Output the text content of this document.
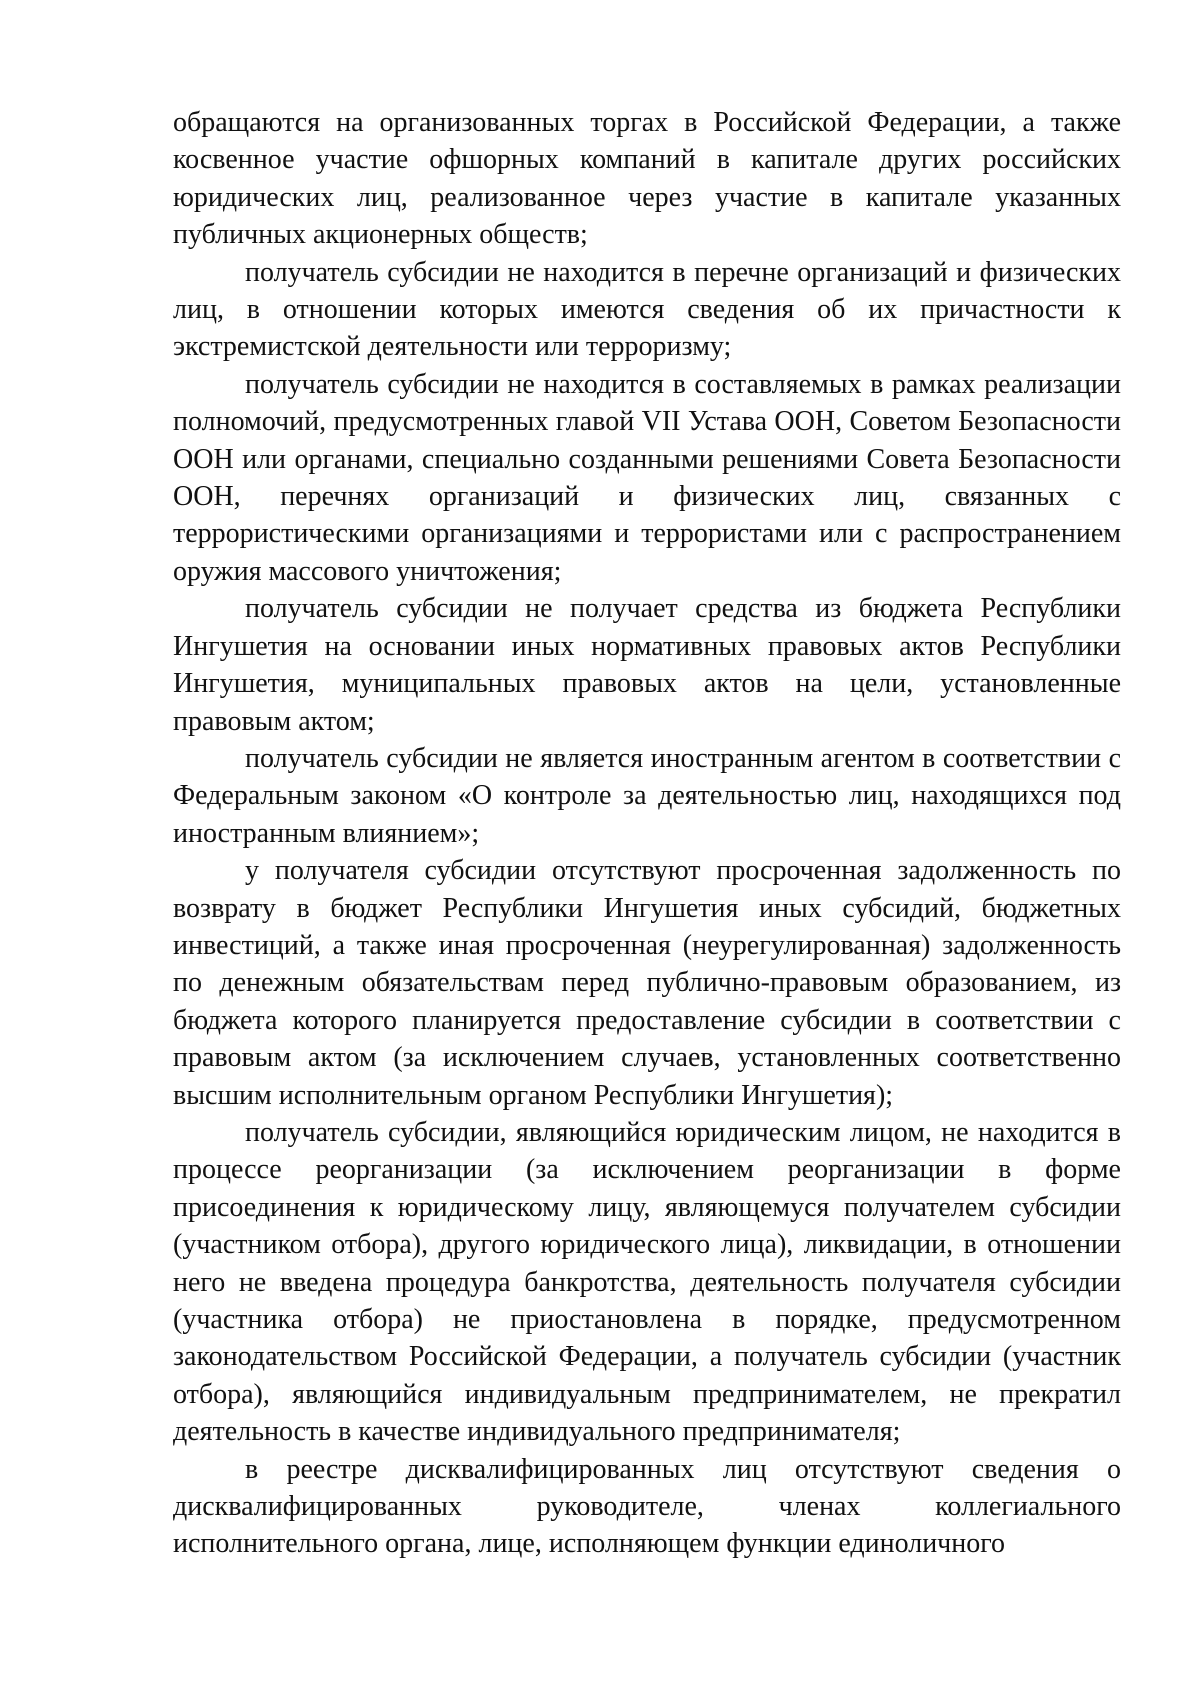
обращаются на организованных торгах в Российской Федерации, а также косвенное участие офшорных компаний в капитале других российских юридических лиц, реализованное через участие в капитале указанных публичных акционерных обществ;

получатель субсидии не находится в перечне организаций и физических лиц, в отношении которых имеются сведения об их причастности к экстремистской деятельности или терроризму;

получатель субсидии не находится в составляемых в рамках реализации полномочий, предусмотренных главой VII Устава ООН, Советом Безопасности ООН или органами, специально созданными решениями Совета Безопасности ООН, перечнях организаций и физических лиц, связанных с террористическими организациями и террористами или с распространением оружия массового уничтожения;

получатель субсидии не получает средства из бюджета Республики Ингушетия на основании иных нормативных правовых актов Республики Ингушетия, муниципальных правовых актов на цели, установленные правовым актом;

получатель субсидии не является иностранным агентом в соответствии с Федеральным законом «О контроле за деятельностью лиц, находящихся под иностранным влиянием»;

у получателя субсидии отсутствуют просроченная задолженность по возврату в бюджет Республики Ингушетия иных субсидий, бюджетных инвестиций, а также иная просроченная (неурегулированная) задолженность по денежным обязательствам перед публично-правовым образованием, из бюджета которого планируется предоставление субсидии в соответствии с правовым актом (за исключением случаев, установленных соответственно высшим исполнительным органом Республики Ингушетия);

получатель субсидии, являющийся юридическим лицом, не находится в процессе реорганизации (за исключением реорганизации в форме присоединения к юридическому лицу, являющемуся получателем субсидии (участником отбора), другого юридического лица), ликвидации, в отношении него не введена процедура банкротства, деятельность получателя субсидии (участника отбора) не приостановлена в порядке, предусмотренном законодательством Российской Федерации, а получатель субсидии (участник отбора), являющийся индивидуальным предпринимателем, не прекратил деятельность в качестве индивидуального предпринимателя;

в реестре дисквалифицированных лиц отсутствуют сведения о дисквалифицированных руководителе, членах коллегиального исполнительного органа, лице, исполняющем функции единоличного
